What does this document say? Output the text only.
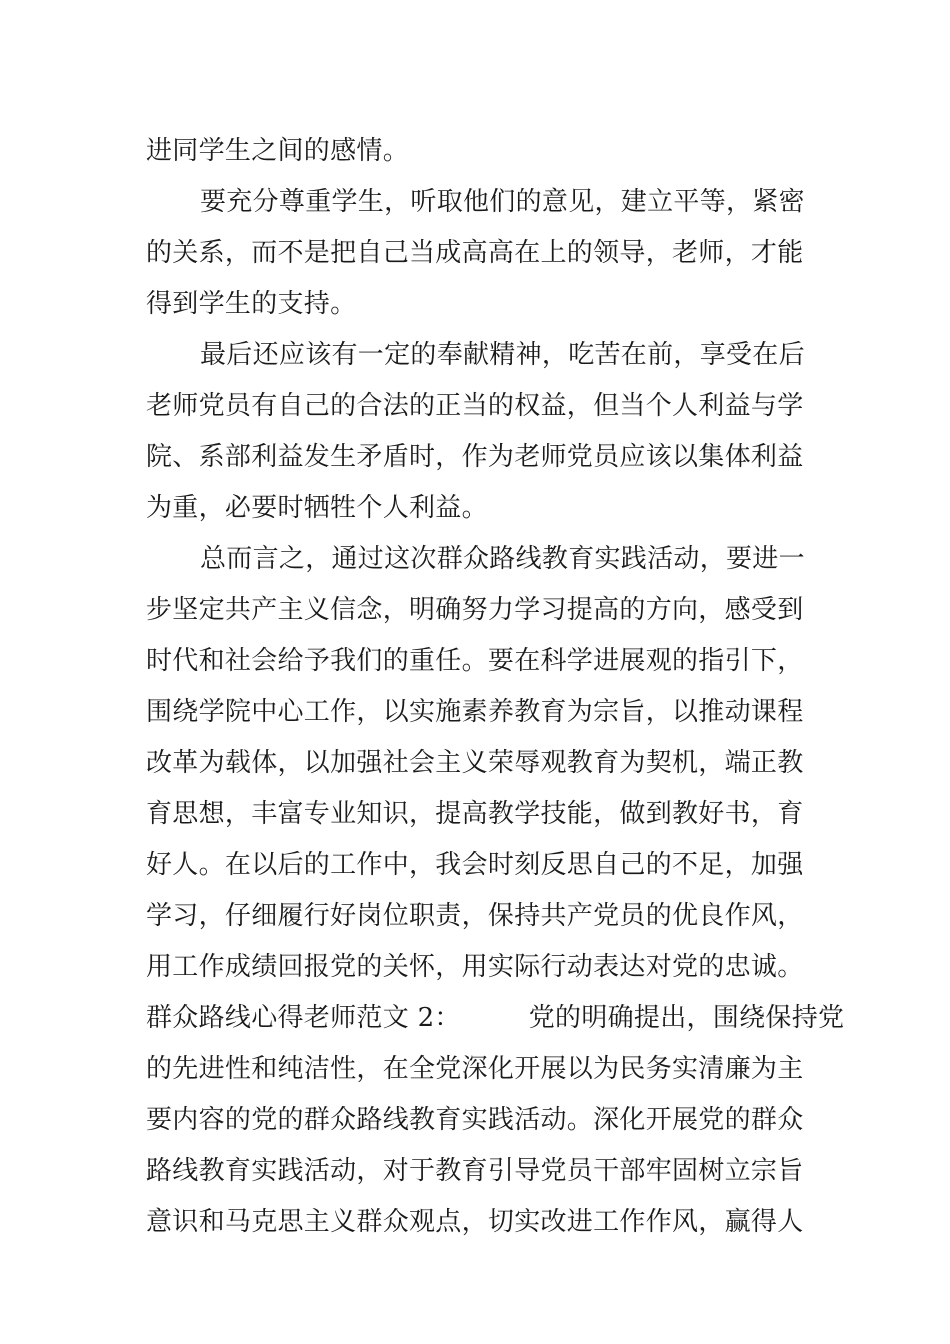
进同学生之间的感情。
要充分尊重学生，听取他们的意见，建立平等，紧密
的关系，而不是把自己当成高高在上的领导，老师，才能
得到学生的支持。
最后还应该有一定的奉献精神，吃苦在前，享受在后
老师党员有自己的合法的正当的权益，但当个人利益与学
院、系部利益发生矛盾时，作为老师党员应该以集体利益
为重，必要时牺牲个人利益。
总而言之，通过这次群众路线教育实践活动，要进一
步坚定共产主义信念，明确努力学习提高的方向，感受到
时代和社会给予我们的重任。要在科学进展观的指引下，
围绕学院中心工作，以实施素养教育为宗旨，以推动课程
改革为载体，以加强社会主义荣辱观教育为契机，端正教
育思想，丰富专业知识，提高教学技能，做到教好书，育
好人。在以后的工作中，我会时刻反思自己的不足，加强
学习，仔细履行好岗位职责，保持共产党员的优良作风，
用工作成绩回报党的关怀，用实际行动表达对党的忠诚。
群众路线心得老师范文 2：	党的明确提出，围绕保持党
的先进性和纯洁性，在全党深化开展以为民务实清廉为主
要内容的党的群众路线教育实践活动。深化开展党的群众
路线教育实践活动，对于教育引导党员干部牢固树立宗旨
意识和马克思主义群众观点，切实改进工作作风，赢得人
